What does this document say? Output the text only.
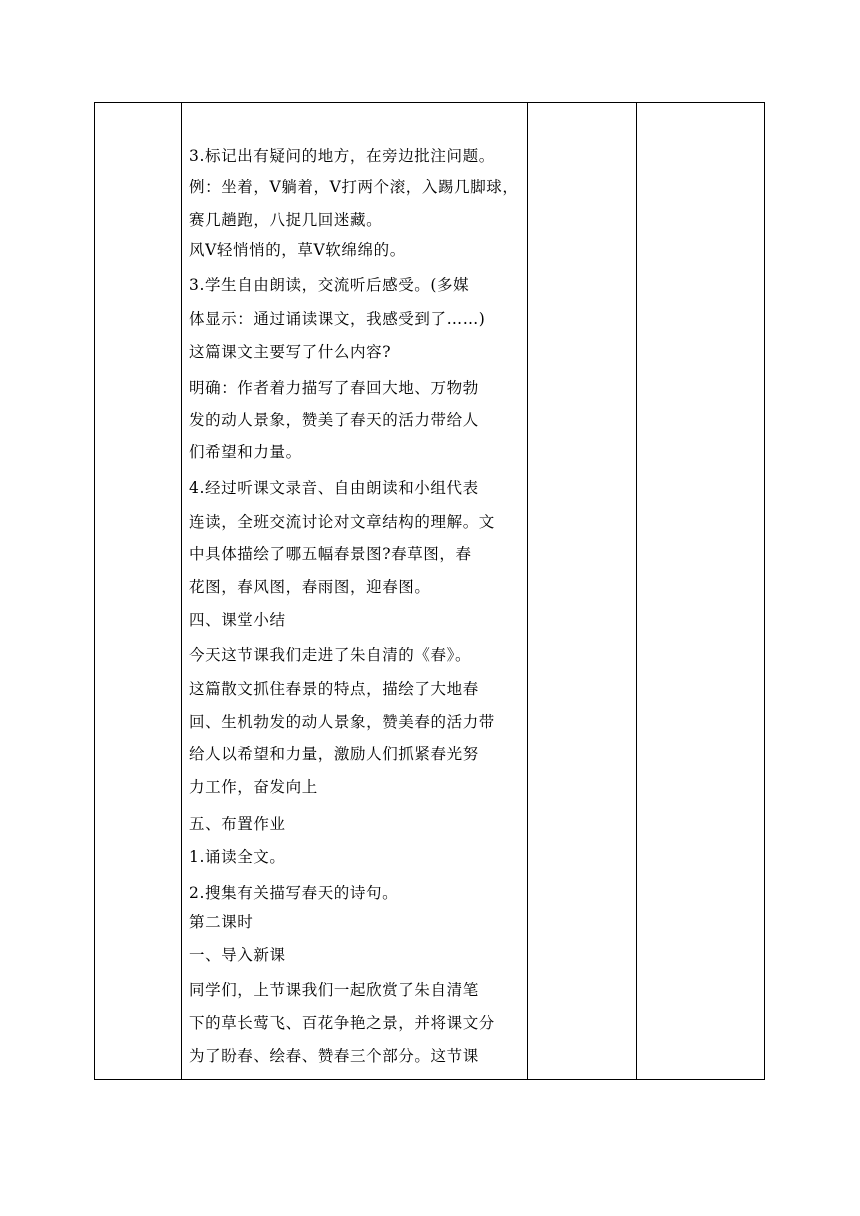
3.标记出有疑问的地方，在旁边批注问题。
例：坐着，V躺着，V打两个滚，入踢几脚球，
赛几趟跑，八捉几回迷藏。
风V轻悄悄的，草V软绵绵的。
3.学生自由朗读，交流听后感受。(多媒
体显示：通过诵读课文，我感受到了……)
这篇课文主要写了什么内容?
明确：作者着力描写了春回大地、万物勃
发的动人景象，赞美了春天的活力带给人
们希望和力量。
4.经过听课文录音、自由朗读和小组代表
连读，全班交流讨论对文章结构的理解。文
中具体描绘了哪五幅春景图?春草图，春
花图，春风图，春雨图，迎春图。
四、课堂小结
今天这节课我们走进了朱自清的《春》。
这篇散文抓住春景的特点，描绘了大地春
回、生机勃发的动人景象，赞美春的活力带
给人以希望和力量，激励人们抓紧春光努
力工作，奋发向上
五、布置作业
1.诵读全文。
2.搜集有关描写春天的诗句。
第二课时
一、导入新课
同学们，上节课我们一起欣赏了朱自清笔
下的草长莺飞、百花争艳之景，并将课文分
为了盼春、绘春、赞春三个部分。这节课
